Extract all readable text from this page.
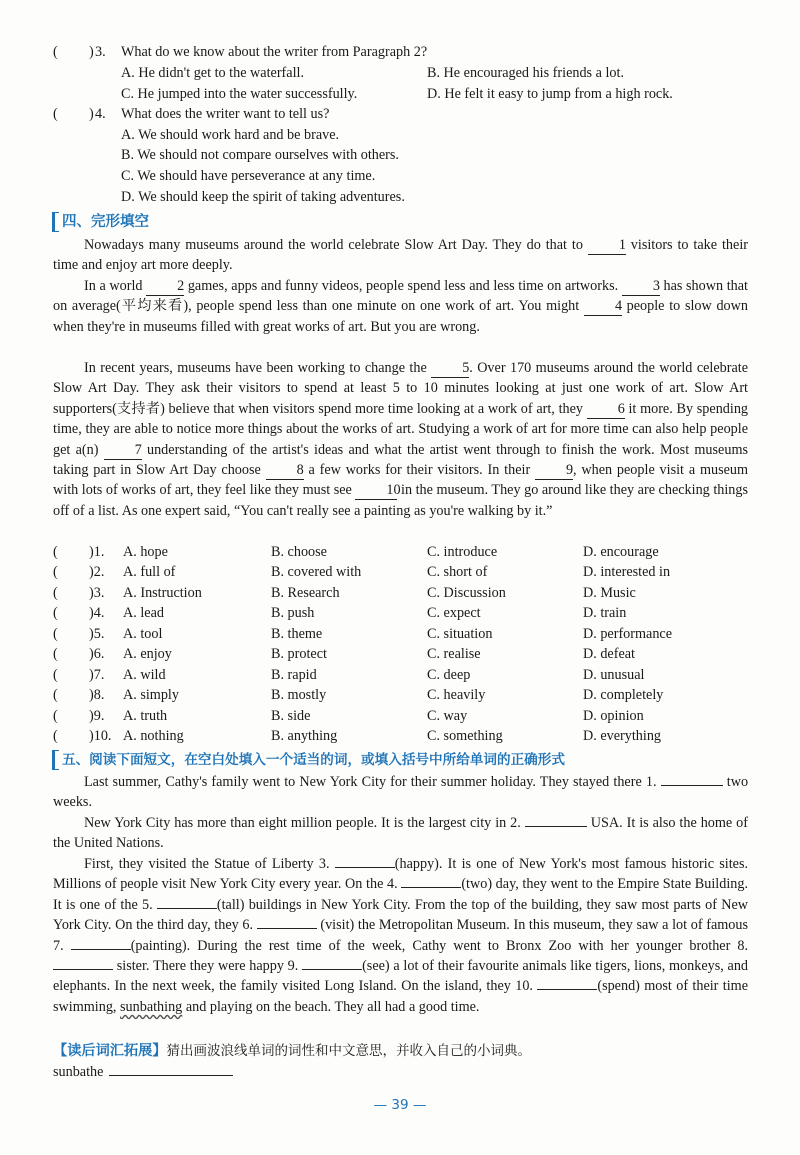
( ) 3. What do we know about the writer from Paragraph 2?
A. He didn't get to the waterfall.	B. He encouraged his friends a lot.
C. He jumped into the water successfully.	D. He felt it easy to jump from a high rock.
( ) 4. What does the writer want to tell us?
A. We should work hard and be brave.
B. We should not compare ourselves with others.
C. We should have perseverance at any time.
D. We should keep the spirit of taking adventures.
四、完形填空
Nowadays many museums around the world celebrate Slow Art Day. They do that to	1 visitors to take their time and enjoy art more deeply.
In a world 2 games, apps and funny videos, people spend less and less time on artworks. 3 has shown that on average(平均来看), people spend less than one minute on one work of art. You might	4 people to slow down when they're in museums filled with great works of art. But you are wrong.
In recent years, museums have been working to change the 5. Over 170 museums around the world celebrate Slow Art Day. They ask their visitors to spend at least 5 to 10 minutes looking at just one work of art. Slow Art supporters(支持者) believe that when visitors spend more time looking at a work of art, they 6 it more. By spending time, they are able to notice more things about the works of art. Studying a work of art for more time can also help people get a(n)	7 understanding of the artist's ideas and what the artist went through to finish the work. Most museums taking part in Slow Art Day choose	8 a few works for their visitors. In their	9, when people visit a museum with lots of works of art, they feel like they must see 10 in the museum. They go around like they are checking things off of a list. As one expert said, “You can't really see a painting as you're walking by it.”
( )1. A. hope	B. choose	C. introduce	D. encourage
( )2. A. full of	B. covered with	C. short of	D. interested in
( )3. A. Instruction	B. Research	C. Discussion	D. Music
( )4. A. lead	B. push	C. expect	D. train
( )5. A. tool	B. theme	C. situation	D. performance
( )6. A. enjoy	B. protect	C. realise	D. defeat
( )7. A. wild	B. rapid	C. deep	D. unusual
( )8. A. simply	B. mostly	C. heavily	D. completely
( )9. A. truth	B. side	C. way	D. opinion
( )10. A. nothing	B. anything	C. something	D. everything
五、阅读下面短文，在空白处填入一个适当的词，或填入括号中所给单词的正确形式
Last summer, Cathy's family went to New York City for their summer holiday. They stayed there 1.	two weeks.
New York City has more than eight million people. It is the largest city in 2.	USA. It is also the home of the United Nations.
First, they visited the Statue of Liberty 3.	(happy). It is one of New York's most famous historic sites. Millions of people visit New York City every year. On the 4.	(two) day, they went to the Empire State Building. It is one of the 5.	(tall) buildings in New York City. From the top of the building, they saw most parts of New York City. On the third day, they 6.	(visit) the Metropolitan Museum. In this museum, they saw a lot of famous 7.	(painting). During the rest time of the week, Cathy went to Bronx Zoo with her younger brother 8.  sister. There they were happy 9.	(see) a lot of their favourite animals like tigers, lions, monkeys, and elephants. In the next week, the family visited Long Island. On the island, they 10.	(spend) most of their time swimming, sunbathing and playing on the beach. They all had a good time.
【读后词汇拓展】猜出画波浪线单词的词性和中文意思，并收入自己的小词典。
sunbathe
— 39 —
